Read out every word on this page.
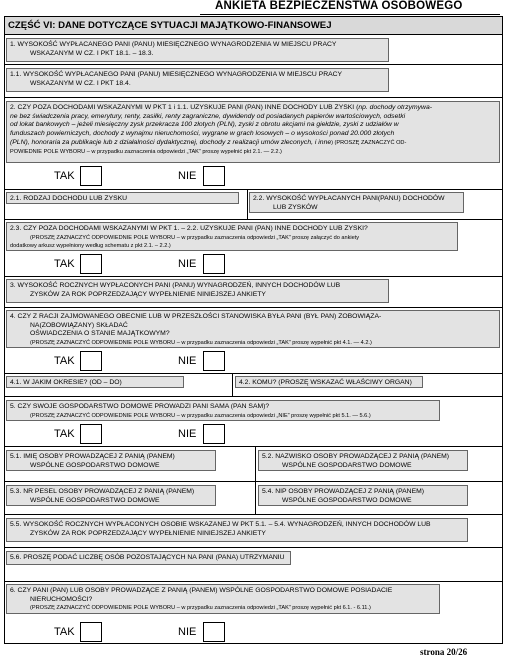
ANKIETA BEZPIECZEŃSTWA OSOBOWEGO
CZĘŚĆ VI: DANE DOTYCZĄCE SYTUACJI MAJĄTKOWO-FINANSOWEJ
1. WYSOKOŚĆ WYPŁACANEGO PANI (PANU) MIESIĘCZNEGO WYNAGRODZENIA W MIEJSCU PRACY
WSKAZANYM W CZ. I PKT 18.1. – 18.3.
1.1. WYSOKOŚĆ WYPŁACANEGO PANI (PANU) MIESIĘCZNEGO WYNAGRODZENIA W MIEJSCU PRACY
WSKAZANYM W CZ. I PKT 18.4.
2. CZY POZA DOCHODAMI WSKAZANYMI W PKT 1 i 1.1. UZYSKUJE PANI (PAN) INNE DOCHODY LUB ZYSKI (np. dochody otrzymywa-
ne bez świadczenia pracy, emerytury, renty, zasiłki, renty zagraniczne, dywidendy od posiadanych papierów wartościowych, odsetki
od lokat bankowych – jeżeli miesięczny zysk przekracza 100 złotych (PLN), zyski z obrotu akcjami na giełdzie, zyski z udziałów w
funduszach powierniczych, dochody z wynajmu nieruchomości, wygrane w grach losowych – o wysokości ponad 20.000 złotych
(PLN), honoraria za publikacje lub z działalności dydaktycznej, dochody z realizacji umów zleconych, i inne) (PROSZĘ ZAZNACZYĆ OD-
POWIEDNIE POLE WYBORU – w przypadku zaznaczenia odpowiedzi „TAK” proszę wypełnić pkt 2.1. — 2.2.)
TAK	NIE
2.1. RODZAJ DOCHODU LUB ZYSKU	2.2. WYSOKOŚĆ WYPŁACANYCH PANI(PANU) DOCHODÓW
LUB ZYSKÓW
2.3. CZY POZA DOCHODAMI WSKAZANYMI W PKT 1. – 2.2. UZYSKUJE PANI (PAN) INNE DOCHODY LUB ZYSKI?
(PROSZĘ ZAZNACZYĆ ODPOWIEDNIE POLE WYBORU – w przypadku zaznaczenia odpowiedzi „TAK” proszę załączyć do ankiety
dodatkowy arkusz wypełniony według schematu z pkt 2.1. – 2.2.)
TAK	NIE
3. WYSOKOŚĆ ROCZNYCH WYPŁACONYCH PANI (PANU) WYNAGRODZEŃ, INNYCH DOCHODÓW LUB
ZYSKÓW ZA ROK POPRZEDZAJĄCY WYPEŁNIENIE NINIEJSZEJ ANKIETY
4. CZY Z RACJI ZAJMOWANEGO OBECNIE LUB W PRZESZŁOŚCI STANOWISKA BYŁA PANI (BYŁ PAN) ZOBOWIĄZA-
NA(ZOBOWIĄZANY) SKŁADAĆ
OŚWIADCZENIA O STANIE MAJĄTKOWYM?
(PROSZĘ ZAZNACZYĆ ODPOWIEDNIE POLE WYBORU – w przypadku zaznaczenia odpowiedzi „TAK” proszę wypełnić pkt 4.1. — 4.2.)
TAK	NIE
4.1. W JAKIM OKRESIE? (OD – DO)	4.2. KOMU? (PROSZĘ WSKAZAĆ WŁAŚCIWY ORGAN)
5. CZY SWOJE GOSPODARSTWO DOMOWE PROWADZI PANI SAMA (PAN SAM)?
(PROSZĘ ZAZNACZYĆ ODPOWIEDNIE POLE WYBORU – w przypadku zaznaczenia odpowiedzi „NIE” proszę wypełnić pkt 5.1. — 5.6.)
TAK	NIE
5.1. IMIĘ OSOBY PROWADZĄCEJ Z PANIĄ (PANEM)
WSPÓLNE GOSPODARSTWO DOMOWE
5.2. NAZWISKO OSOBY PROWADZĄCEJ Z PANIĄ (PANEM)
WSPÓLNE GOSPODARSTWO DOMOWE
5.3. NR PESEL OSOBY PROWADZĄCEJ Z PANIĄ (PANEM)
WSPÓLNE GOSPODARSTWO DOMOWE
5.4. NIP OSOBY PROWADZĄCEJ Z PANIĄ (PANEM)
WSPÓLNE GOSPODARSTWO DOMOWE
5.5. WYSOKOŚĆ ROCZNYCH WYPŁACONYCH OSOBIE WSKAZANEJ W PKT 5.1. – 5.4. WYNAGRODZEŃ, INNYCH DOCHODÓW LUB
ZYSKÓW ZA ROK POPRZEDZAJĄCY WYPEŁNIENIE NINIEJSZEJ ANKIETY
5.6. PROSZĘ PODAĆ LICZBĘ OSÓB POZOSTAJĄCYCH NA PANI (PANA) UTRZYMANIU
6. CZY PANI (PAN) LUB OSOBY PROWADZĄCE Z PANIĄ (PANEM) WSPÓLNE GOSPODARSTWO DOMOWE POSIADACIE
NIERUCHOMOŚCI?
(PROSZĘ ZAZNACZYĆ ODPOWIEDNIE POLE WYBORU – w przypadku zaznaczenia odpowiedzi „TAK” proszę wypełnić pkt 6.1. - 6.11.)
TAK	NIE
strona 20/26
